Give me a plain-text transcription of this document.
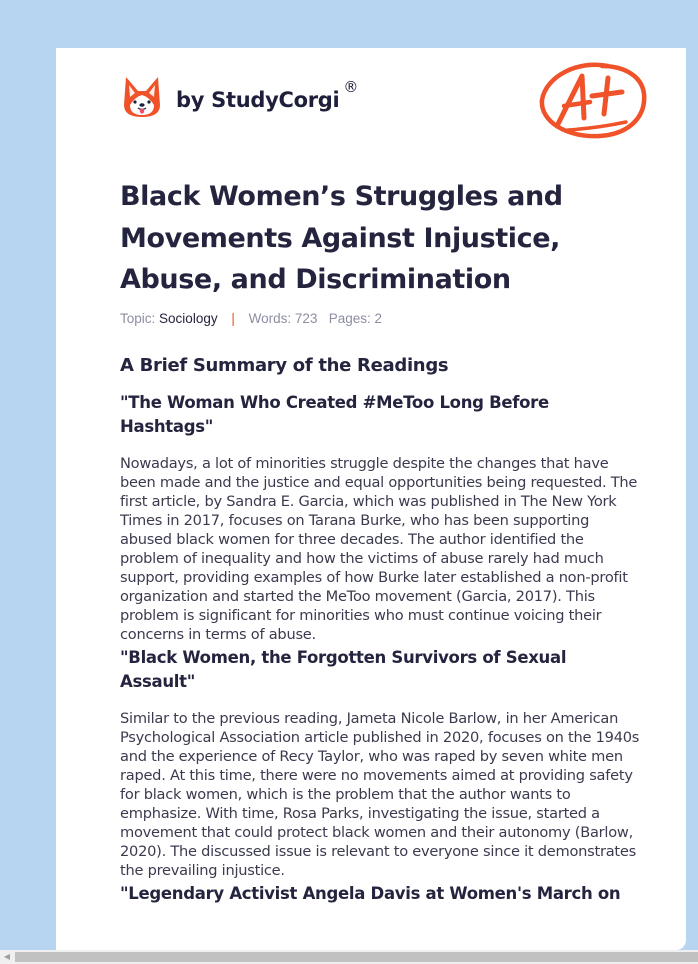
by StudyCorgi
®
Black Women’s Struggles and Movements Against Injustice, Abuse, and Discrimination
Topic: Sociology | Words: 723 Pages: 2
A Brief Summary of the Readings
"The Woman Who Created #MeToo Long Before Hashtags"

Nowadays, a lot of minorities struggle despite the changes that have been made and the justice and equal opportunities being requested. The first article, by Sandra E. Garcia, which was published in The New York Times in 2017, focuses on Tarana Burke, who has been supporting abused black women for three decades. The author identified the problem of inequality and how the victims of abuse rarely had much support, providing examples of how Burke later established a non-profit organization and started the MeToo movement (Garcia, 2017). This problem is significant for minorities who must continue voicing their concerns in terms of abuse.

"Black Women, the Forgotten Survivors of Sexual Assault"

Similar to the previous reading, Jameta Nicole Barlow, in her American Psychological Association article published in 2020, focuses on the 1940s and the experience of Recy Taylor, who was raped by seven white men raped. At this time, there were no movements aimed at providing safety for black women, which is the problem that the author wants to emphasize. With time, Rosa Parks, investigating the issue, started a movement that could protect black women and their autonomy (Barlow, 2020). The discussed issue is relevant to everyone since it demonstrates the prevailing injustice.

"Legendary Activist Angela Davis at Women's March on
◀
